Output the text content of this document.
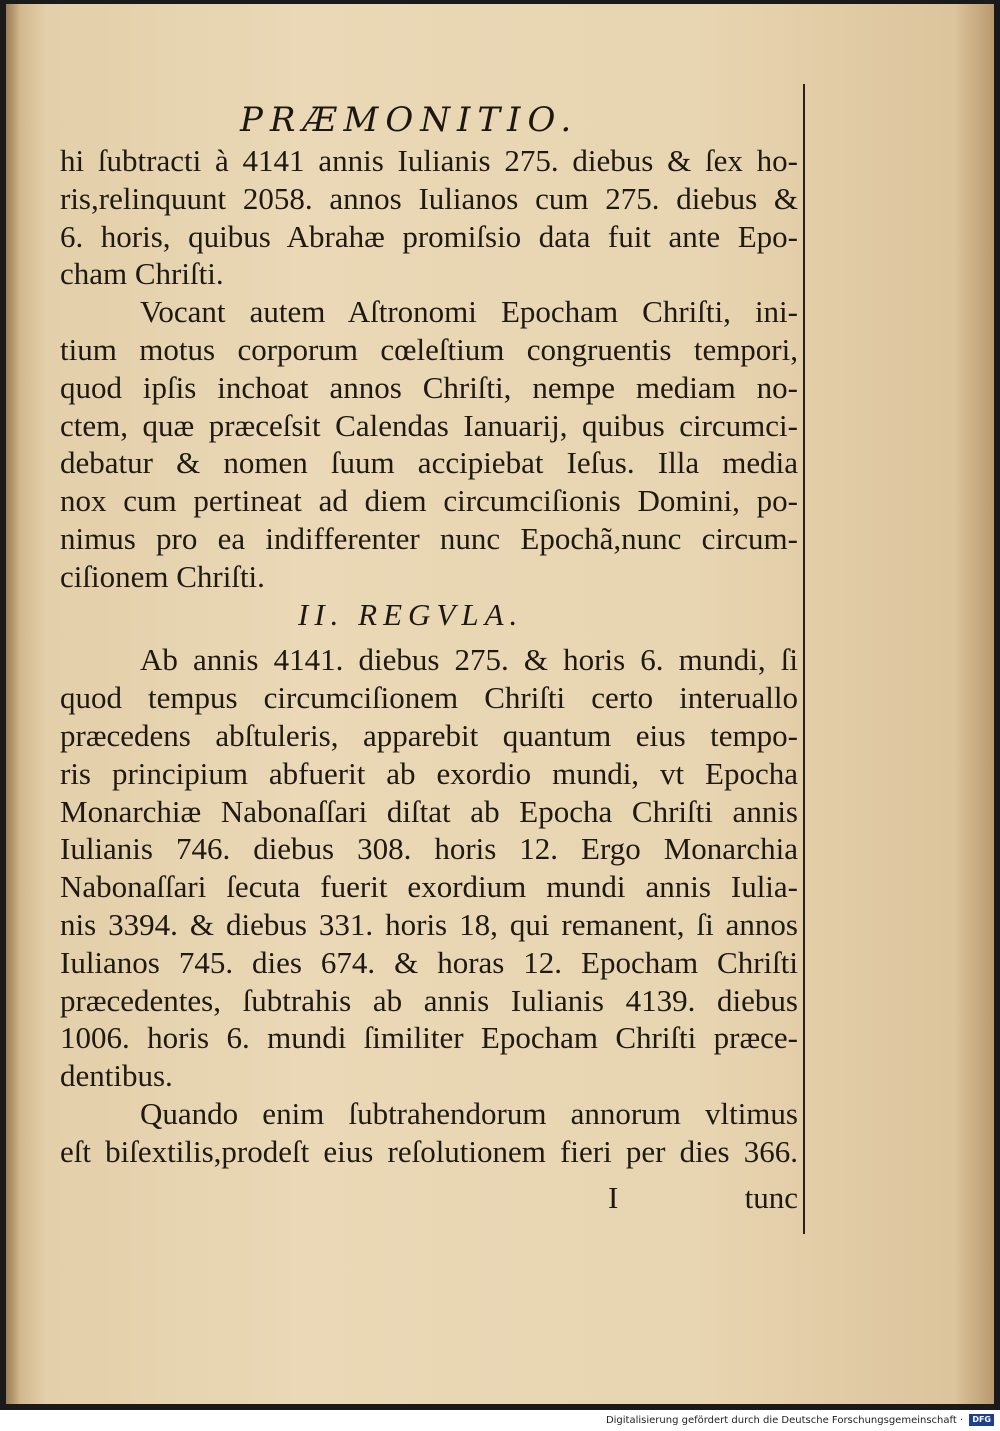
PRÆMONITIO.
hi ſubtracti à 4141 annis Iulianis 275. diebus & ſex ho-
ris,relinquunt 2058. annos Iulianos cum 275. diebus &
6. horis, quibus Abrahæ promiſsio data fuit ante Epo-
cham Chriſti.
Vocant autem Aſtronomi Epocham Chriſti, ini-
tium motus corporum cœleſtium congruentis tempori,
quod ipſis inchoat annos Chriſti, nempe mediam no-
ctem, quæ præceſsit Calendas Ianuarij, quibus circumci-
debatur & nomen ſuum accipiebat Ieſus. Illa media
nox cum pertineat ad diem circumciſionis Domini, po-
nimus pro ea indifferenter nunc Epochã,nunc circum-
ciſionem Chriſti.
II. REGVLA.
Ab annis 4141. diebus 275. & horis 6. mundi, ſi
quod tempus circumciſionem Chriſti certo interuallo
præcedens abſtuleris, apparebit quantum eius tempo-
ris principium abfuerit ab exordio mundi, vt Epocha
Monarchiæ Nabonaſſari diſtat ab Epocha Chriſti annis
Iulianis 746. diebus 308. horis 12. Ergo Monarchia
Nabonaſſari ſecuta fuerit exordium mundi annis Iulia-
nis 3394. & diebus 331. horis 18, qui remanent, ſi annos
Iulianos 745. dies 674. & horas 12. Epocham Chriſti
præcedentes, ſubtrahis ab annis Iulianis 4139. diebus
1006. horis 6. mundi ſimiliter Epocham Chriſti præce-
dentibus.
Quando enim ſubtrahendorum annorum vltimus
eſt biſextilis,prodeſt eius reſolutionem fieri per dies 366.
I	tunc
Digitalisierung gefördert durch die Deutsche Forschungsgemeinschaft · DFG
